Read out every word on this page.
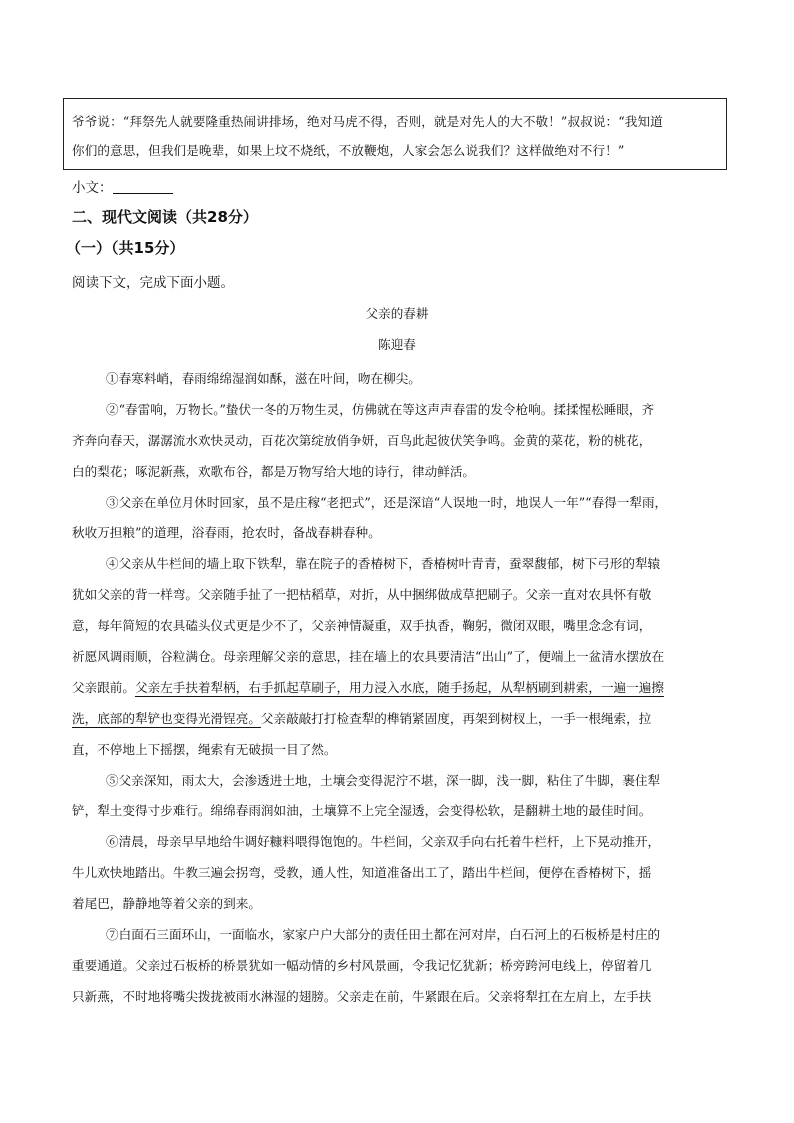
爷爷说：“拜祭先人就要隆重热闹讲排场，绝对马虎不得，否则，就是对先人的大不敬！”叔叔说：“我知道
你们的意思，但我们是晚辈，如果上坟不烧纸，不放鞭炮，人家会怎么说我们？这样做绝对不行！”
小文：
二、现代文阅读（共28分）
（一）（共15分）
阅读下文，完成下面小题。
父亲的春耕
陈迎春
①春寒料峭，春雨绵绵湿润如酥，滋在叶间，吻在柳尖。
②“春雷响，万物长。”蛰伏一冬的万物生灵，仿佛就在等这声声春雷的发令枪响。揉揉惺松睡眼，齐
齐奔向春天，潺潺流水欢快灵动，百花次第绽放俏争妍，百鸟此起彼伏笑争鸣。金黄的菜花，粉的桃花，
白的梨花；啄泥新燕，欢歌布谷，都是万物写给大地的诗行，律动鲜活。
③父亲在单位月休时回家，虽不是庄稼“老把式”，还是深谙“人误地一时，地误人一年”“春得一犁雨，
秋收万担粮”的道理，浴春雨，抢农时，备战春耕春种。
④父亲从牛栏间的墙上取下铁犁，靠在院子的香椿树下，香椿树叶青青，蚕翠馥郁，树下弓形的犁辕
犹如父亲的背一样弯。父亲随手扯了一把枯稻草，对折，从中捆绑做成草把刷子。父亲一直对农具怀有敬
意，每年简短的农具磕头仪式更是少不了，父亲神情凝重，双手执香，鞠躬，微闭双眼，嘴里念念有词，
祈愿风调雨顺，谷粒满仓。母亲理解父亲的意思，挂在墙上的农具要清洁“出山”了，便端上一盆清水摆放在
父亲跟前。父亲左手扶着犁柄，右手抓起草刷子，用力浸入水底，随手扬起，从犁柄刷到耕索，一遍一遍擦
洗，底部的犁铲也变得光滑锃亮。父亲敲敲打打检查犁的榫销紧固度，再架到树杈上，一手一根绳索，拉
直，不停地上下摇摆，绳索有无破损一目了然。
⑤父亲深知，雨太大，会渗透进土地，土壤会变得泥泞不堪，深一脚，浅一脚，粘住了牛脚，裹住犁
铲，犁土变得寸步难行。绵绵春雨润如油，土壤算不上完全湿透，会变得松软，是翻耕土地的最佳时间。
⑥清晨，母亲早早地给牛调好糠料喂得饱饱的。牛栏间，父亲双手向右托着牛栏杆，上下晃动推开，
牛儿欢快地踏出。牛教三遍会拐弯，受教，通人性，知道准备出工了，踏出牛栏间，便停在香椿树下，摇
着尾巴，静静地等着父亲的到来。
⑦白面石三面环山，一面临水，家家户户大部分的责任田土都在河对岸，白石河上的石板桥是村庄的
重要通道。父亲过石板桥的桥景犹如一幅动情的乡村风景画，令我记忆犹新；桥旁跨河电线上，停留着几
只新燕，不时地将嘴尖拨拢被雨水淋湿的翅膀。父亲走在前，牛紧跟在后。父亲将犁扛在左肩上，左手扶
